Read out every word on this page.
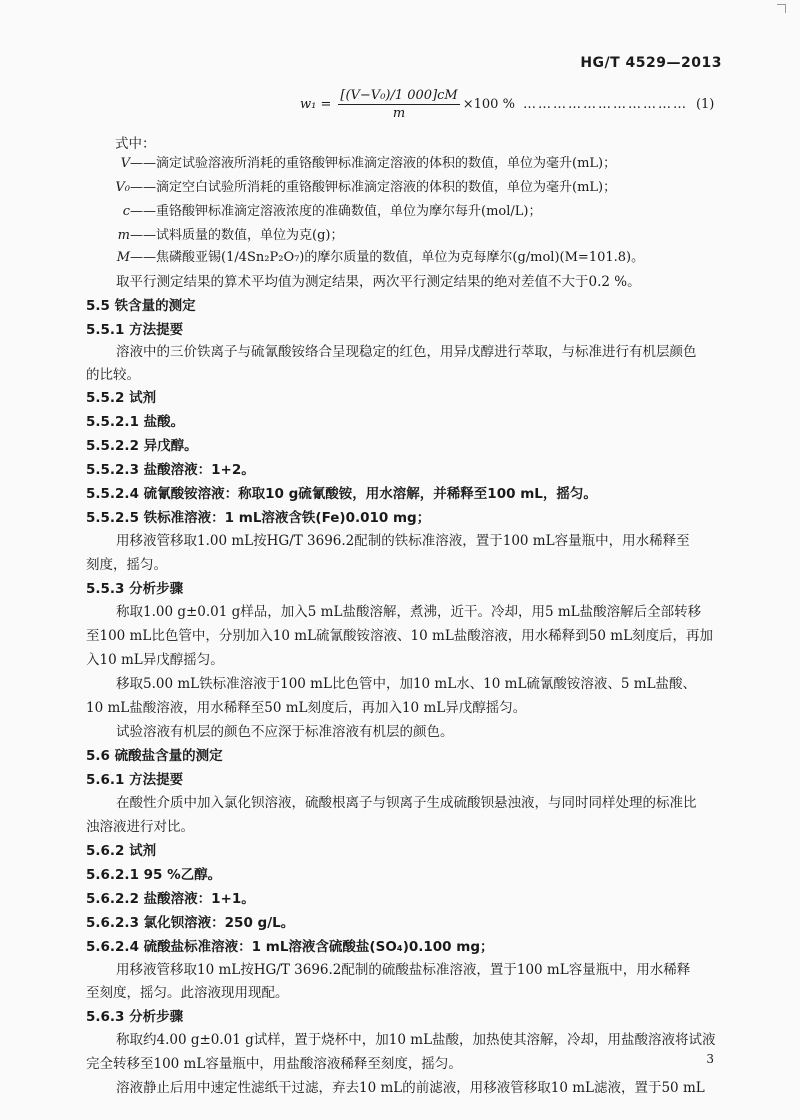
HG/T 4529—2013
$w_1 = \frac{\text{[(V−V₀)/1 000]cM}}{m} \times 100$ % …………………………… (1)
式中：
V——滴定试验溶液所消耗的重铬酸钾标准滴定溶液的体积的数值，单位为毫升(mL)；
V₀——滴定空白试验所消耗的重铬酸钾标准滴定溶液的体积的数值，单位为毫升(mL)；
c——重铬酸钾标准滴定溶液浓度的准确数值，单位为摩尔每升(mol/L)；
m——试料质量的数值，单位为克(g)；
M——焦磷酸亚锡(1/4Sn₂P₂O₇)的摩尔质量的数值，单位为克每摩尔(g/mol)(M=101.8)。
取平行测定结果的算术平均值为测定结果，两次平行测定结果的绝对差值不大于0.2 %。
5.5 铁含量的测定
5.5.1 方法提要
溶液中的三价铁离子与硫氰酸铵络合呈现稳定的红色，用异戊醇进行萃取，与标准进行有机层颜色
的比较。
5.5.2 试剂
5.5.2.1 盐酸。
5.5.2.2 异戊醇。
5.5.2.3 盐酸溶液：1+2。
5.5.2.4 硫氰酸铵溶液：称取10 g硫氰酸铵，用水溶解，并稀释至100 mL，摇匀。
5.5.2.5 铁标准溶液：1 mL溶液含铁(Fe)0.010 mg；
用移液管移取1.00 mL按HG/T 3696.2配制的铁标准溶液，置于100 mL容量瓶中，用水稀释至
刻度，摇匀。
5.5.3 分析步骤
称取1.00 g±0.01 g样品，加入5 mL盐酸溶解，煮沸，近干。冷却，用5 mL盐酸溶解后全部转移
至100 mL比色管中，分别加入10 mL硫氰酸铵溶液、10 mL盐酸溶液，用水稀释到50 mL刻度后，再加
入10 mL异戊醇摇匀。
移取5.00 mL铁标准溶液于100 mL比色管中，加10 mL水、10 mL硫氰酸铵溶液、5 mL盐酸、
10 mL盐酸溶液，用水稀释至50 mL刻度后，再加入10 mL异戊醇摇匀。
试验溶液有机层的颜色不应深于标准溶液有机层的颜色。
5.6 硫酸盐含量的测定
5.6.1 方法提要
在酸性介质中加入氯化钡溶液，硫酸根离子与钡离子生成硫酸钡悬浊液，与同时同样处理的标准比
浊溶液进行对比。
5.6.2 试剂
5.6.2.1 95 %乙醇。
5.6.2.2 盐酸溶液：1+1。
5.6.2.3 氯化钡溶液：250 g/L。
5.6.2.4 硫酸盐标准溶液：1 mL溶液含硫酸盐(SO₄)0.100 mg；
用移液管移取10 mL按HG/T 3696.2配制的硫酸盐标准溶液，置于100 mL容量瓶中，用水稀释
至刻度，摇匀。此溶液现用现配。
5.6.3 分析步骤
称取约4.00 g±0.01 g试样，置于烧杯中，加10 mL盐酸，加热使其溶解，冷却，用盐酸溶液将试液
完全转移至100 mL容量瓶中，用盐酸溶液稀释至刻度，摇匀。
溶液静止后用中速定性滤纸干过滤，弃去10 mL的前滤液，用移液管移取10 mL滤液，置于50 mL
3
